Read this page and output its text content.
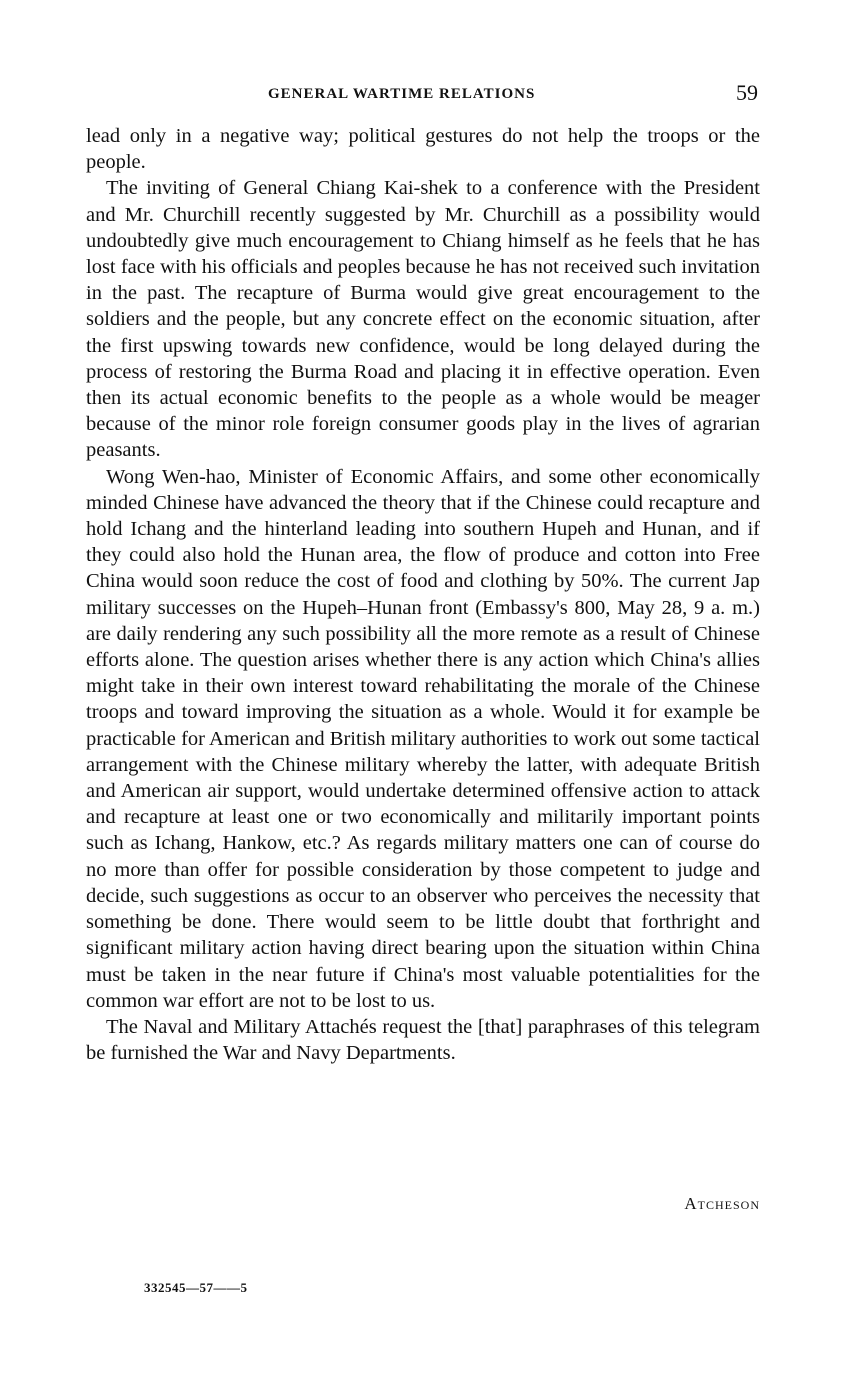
GENERAL WARTIME RELATIONS	59

lead only in a negative way; political gestures do not help the troops or the people.

The inviting of General Chiang Kai-shek to a conference with the President and Mr. Churchill recently suggested by Mr. Churchill as a possibility would undoubtedly give much encouragement to Chiang himself as he feels that he has lost face with his officials and peoples because he has not received such invitation in the past. The recapture of Burma would give great encouragement to the soldiers and the people, but any concrete effect on the economic situation, after the first upswing towards new confidence, would be long delayed during the process of restoring the Burma Road and placing it in effective operation. Even then its actual economic benefits to the people as a whole would be meager because of the minor role foreign consumer goods play in the lives of agrarian peasants.

Wong Wen-hao, Minister of Economic Affairs, and some other economically minded Chinese have advanced the theory that if the Chinese could recapture and hold Ichang and the hinterland leading into southern Hupeh and Hunan, and if they could also hold the Hunan area, the flow of produce and cotton into Free China would soon reduce the cost of food and clothing by 50%. The current Jap military successes on the Hupeh–Hunan front (Embassy's 800, May 28, 9 a. m.) are daily rendering any such possibility all the more remote as a result of Chinese efforts alone. The question arises whether there is any action which China's allies might take in their own interest toward rehabilitating the morale of the Chinese troops and toward improving the situation as a whole. Would it for example be practicable for American and British military authorities to work out some tactical arrangement with the Chinese military whereby the latter, with adequate British and American air support, would undertake determined offensive action to attack and recapture at least one or two economically and militarily important points such as Ichang, Hankow, etc.? As regards military matters one can of course do no more than offer for possible consideration by those competent to judge and decide, such suggestions as occur to an observer who perceives the necessity that something be done. There would seem to be little doubt that forthright and significant military action having direct bearing upon the situation within China must be taken in the near future if China's most valuable potentialities for the common war effort are not to be lost to us.

The Naval and Military Attachés request the [that] paraphrases of this telegram be furnished the War and Navy Departments.

Atcheson
332545—57——5
